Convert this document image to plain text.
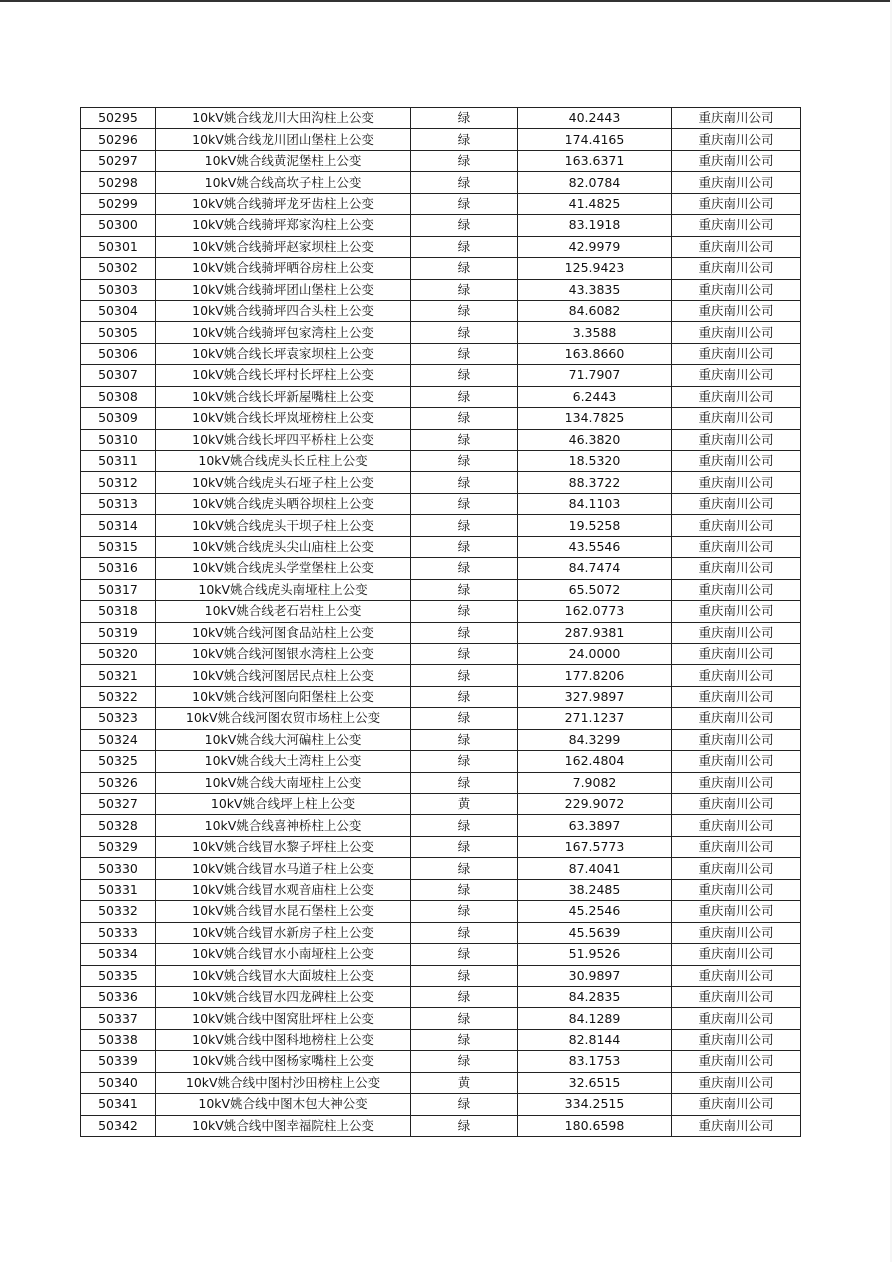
50295	10kV姚合线龙川大田沟柱上公变	绿	40.2443	重庆南川公司
50296	10kV姚合线龙川团山堡柱上公变	绿	174.4165	重庆南川公司
50297	10kV姚合线黄泥堡柱上公变	绿	163.6371	重庆南川公司
50298	10kV姚合线高坎子柱上公变	绿	82.0784	重庆南川公司
50299	10kV姚合线骑坪龙牙齿柱上公变	绿	41.4825	重庆南川公司
50300	10kV姚合线骑坪郑家沟柱上公变	绿	83.1918	重庆南川公司
50301	10kV姚合线骑坪赵家坝柱上公变	绿	42.9979	重庆南川公司
50302	10kV姚合线骑坪晒谷房柱上公变	绿	125.9423	重庆南川公司
50303	10kV姚合线骑坪团山堡柱上公变	绿	43.3835	重庆南川公司
50304	10kV姚合线骑坪四合头柱上公变	绿	84.6082	重庆南川公司
50305	10kV姚合线骑坪包家湾柱上公变	绿	3.3588	重庆南川公司
50306	10kV姚合线长坪袁家坝柱上公变	绿	163.8660	重庆南川公司
50307	10kV姚合线长坪村长坪柱上公变	绿	71.7907	重庆南川公司
50308	10kV姚合线长坪新屋嘴柱上公变	绿	6.2443	重庆南川公司
50309	10kV姚合线长坪岚垭榜柱上公变	绿	134.7825	重庆南川公司
50310	10kV姚合线长坪四平桥柱上公变	绿	46.3820	重庆南川公司
50311	10kV姚合线虎头长丘柱上公变	绿	18.5320	重庆南川公司
50312	10kV姚合线虎头石垭子柱上公变	绿	88.3722	重庆南川公司
50313	10kV姚合线虎头晒谷坝柱上公变	绿	84.1103	重庆南川公司
50314	10kV姚合线虎头干坝子柱上公变	绿	19.5258	重庆南川公司
50315	10kV姚合线虎头尖山庙柱上公变	绿	43.5546	重庆南川公司
50316	10kV姚合线虎头学堂堡柱上公变	绿	84.7474	重庆南川公司
50317	10kV姚合线虎头南垭柱上公变	绿	65.5072	重庆南川公司
50318	10kV姚合线老石岩柱上公变	绿	162.0773	重庆南川公司
50319	10kV姚合线河图食品站柱上公变	绿	287.9381	重庆南川公司
50320	10kV姚合线河图银水湾柱上公变	绿	24.0000	重庆南川公司
50321	10kV姚合线河图居民点柱上公变	绿	177.8206	重庆南川公司
50322	10kV姚合线河图向阳堡柱上公变	绿	327.9897	重庆南川公司
50323	10kV姚合线河图农贸市场柱上公变	绿	271.1237	重庆南川公司
50324	10kV姚合线大河碥柱上公变	绿	84.3299	重庆南川公司
50325	10kV姚合线大土湾柱上公变	绿	162.4804	重庆南川公司
50326	10kV姚合线大南垭柱上公变	绿	7.9082	重庆南川公司
50327	10kV姚合线坪上柱上公变	黄	229.9072	重庆南川公司
50328	10kV姚合线喜神桥柱上公变	绿	63.3897	重庆南川公司
50329	10kV姚合线冒水黎子坪柱上公变	绿	167.5773	重庆南川公司
50330	10kV姚合线冒水马道子柱上公变	绿	87.4041	重庆南川公司
50331	10kV姚合线冒水观音庙柱上公变	绿	38.2485	重庆南川公司
50332	10kV姚合线冒水昆石堡柱上公变	绿	45.2546	重庆南川公司
50333	10kV姚合线冒水新房子柱上公变	绿	45.5639	重庆南川公司
50334	10kV姚合线冒水小南垭柱上公变	绿	51.9526	重庆南川公司
50335	10kV姚合线冒水大面坡柱上公变	绿	30.9897	重庆南川公司
50336	10kV姚合线冒水四龙碑柱上公变	绿	84.2835	重庆南川公司
50337	10kV姚合线中图窝肚坪柱上公变	绿	84.1289	重庆南川公司
50338	10kV姚合线中图科地榜柱上公变	绿	82.8144	重庆南川公司
50339	10kV姚合线中图杨家嘴柱上公变	绿	83.1753	重庆南川公司
50340	10kV姚合线中图村沙田榜柱上公变	黄	32.6515	重庆南川公司
50341	10kV姚合线中图木包大神公变	绿	334.2515	重庆南川公司
50342	10kV姚合线中图幸福院柱上公变	绿	180.6598	重庆南川公司
